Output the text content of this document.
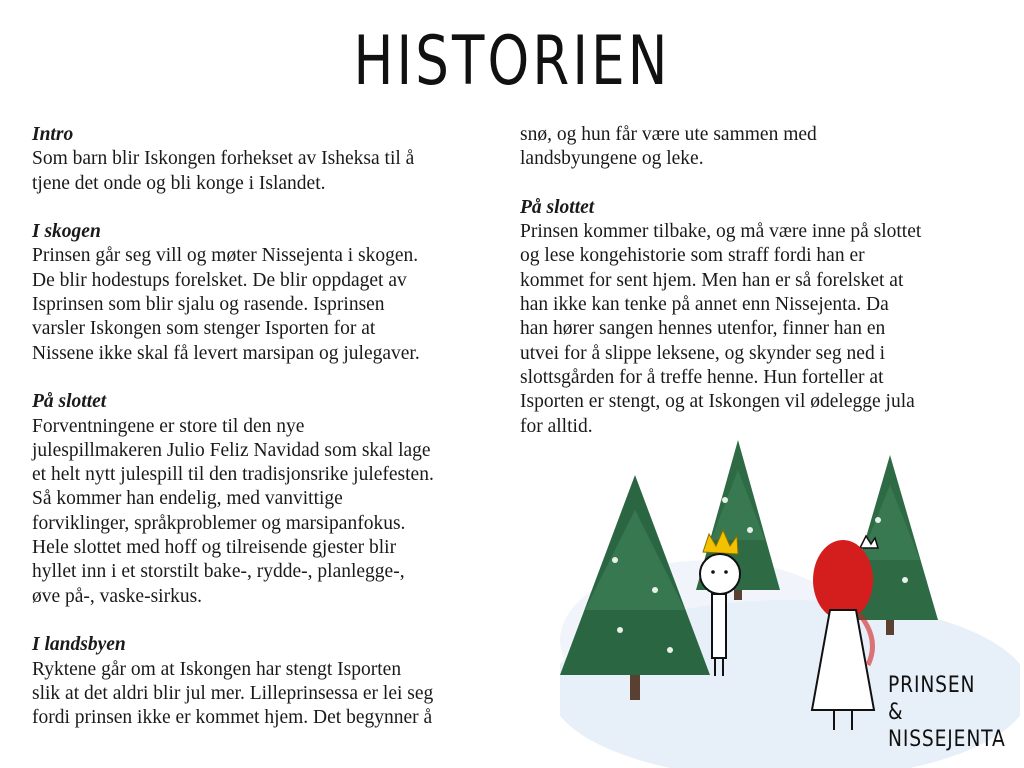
HISTORIEN
Intro
Som barn blir Iskongen forhekset av Isheksa til å
tjene det onde og bli konge i Islandet.
I skogen
Prinsen går seg vill og møter Nissejenta i skogen.
De blir hodestups forelsket. De blir oppdaget av
Isprinsen som blir sjalu og rasende. Isprinsen
varsler Iskongen som stenger Isporten for at
Nissene ikke skal få levert marsipan og julegaver.
På slottet
Forventningene er store til den nye
julespillmakeren Julio Feliz Navidad som skal lage
et helt nytt julespill til den tradisjonsrike julefesten.
Så kommer han endelig, med vanvittige
forviklinger, språkproblemer og marsipanfokus.
Hele slottet med hoff og tilreisende gjester blir
hyllet inn i et storstilt bake-, rydde-, planlegge-,
øve på-, vaske-sirkus.
I landsbyen
Ryktene går om at Iskongen har stengt Isporten
slik at det aldri blir jul mer. Lilleprinsessa er lei seg
fordi prinsen ikke er kommet hjem. Det begynner å
snø, og hun får være ute sammen med
landsbyungene og leke.
På slottet
Prinsen kommer tilbake, og må være inne på slottet
og lese kongehistorie som straff fordi han er
kommet for sent hjem. Men han er så forelsket at
han ikke kan tenke på annet enn Nissejenta. Da
han hører sangen hennes utenfor, finner han en
utvei for å slippe leksene, og skynder seg ned i
slottsgården for å treffe henne. Hun forteller at
Isporten er stengt, og at Iskongen vil ødelegge jula
for alltid.
PRINSEN &
NISSEJENTA
